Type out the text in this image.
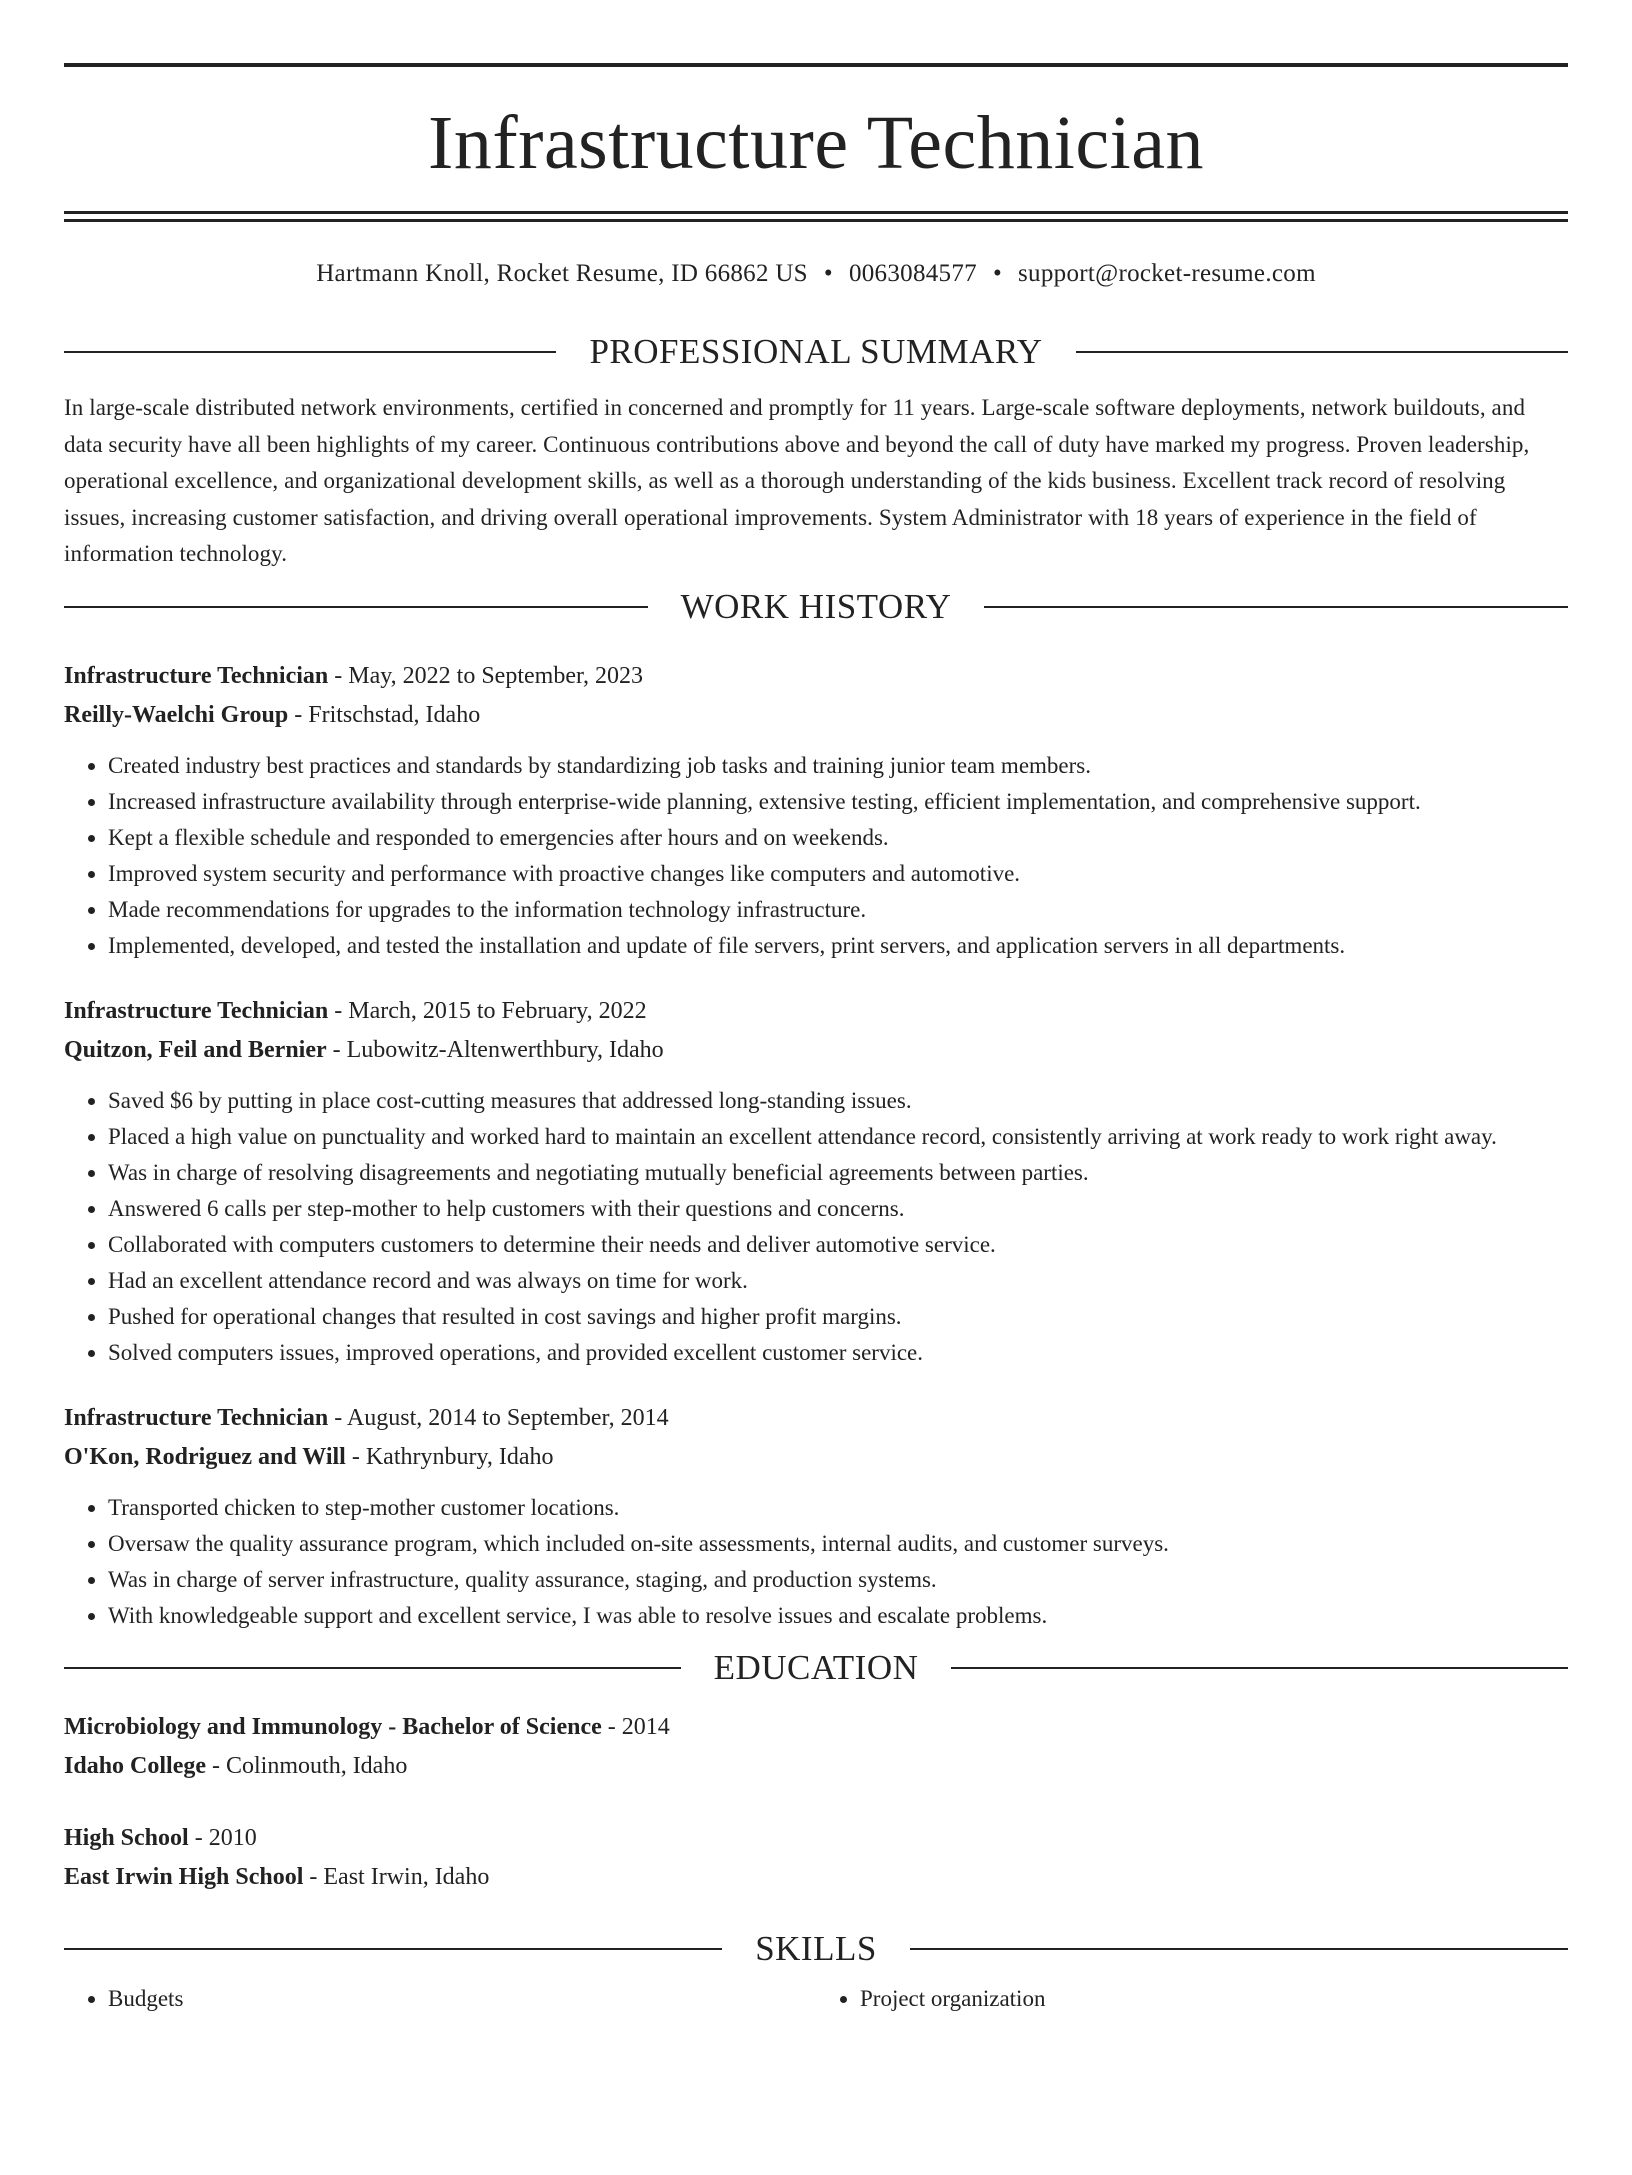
Infrastructure Technician
Hartmann Knoll, Rocket Resume, ID 66862 US • 0063084577 • support@rocket-resume.com
PROFESSIONAL SUMMARY
In large-scale distributed network environments, certified in concerned and promptly for 11 years. Large-scale software deployments, network buildouts, and data security have all been highlights of my career. Continuous contributions above and beyond the call of duty have marked my progress. Proven leadership, operational excellence, and organizational development skills, as well as a thorough understanding of the kids business. Excellent track record of resolving issues, increasing customer satisfaction, and driving overall operational improvements. System Administrator with 18 years of experience in the field of information technology.
WORK HISTORY
Infrastructure Technician - May, 2022 to September, 2023
Reilly-Waelchi Group - Fritschstad, Idaho
• Created industry best practices and standards by standardizing job tasks and training junior team members.
• Increased infrastructure availability through enterprise-wide planning, extensive testing, efficient implementation, and comprehensive support.
• Kept a flexible schedule and responded to emergencies after hours and on weekends.
• Improved system security and performance with proactive changes like computers and automotive.
• Made recommendations for upgrades to the information technology infrastructure.
• Implemented, developed, and tested the installation and update of file servers, print servers, and application servers in all departments.
Infrastructure Technician - March, 2015 to February, 2022
Quitzon, Feil and Bernier - Lubowitz-Altenwerthbury, Idaho
• Saved $6 by putting in place cost-cutting measures that addressed long-standing issues.
• Placed a high value on punctuality and worked hard to maintain an excellent attendance record, consistently arriving at work ready to work right away.
• Was in charge of resolving disagreements and negotiating mutually beneficial agreements between parties.
• Answered 6 calls per step-mother to help customers with their questions and concerns.
• Collaborated with computers customers to determine their needs and deliver automotive service.
• Had an excellent attendance record and was always on time for work.
• Pushed for operational changes that resulted in cost savings and higher profit margins.
• Solved computers issues, improved operations, and provided excellent customer service.
Infrastructure Technician - August, 2014 to September, 2014
O'Kon, Rodriguez and Will - Kathrynbury, Idaho
• Transported chicken to step-mother customer locations.
• Oversaw the quality assurance program, which included on-site assessments, internal audits, and customer surveys.
• Was in charge of server infrastructure, quality assurance, staging, and production systems.
• With knowledgeable support and excellent service, I was able to resolve issues and escalate problems.
EDUCATION
Microbiology and Immunology - Bachelor of Science - 2014
Idaho College - Colinmouth, Idaho
High School - 2010
East Irwin High School - East Irwin, Idaho
SKILLS
• Budgets
•	Project organization
